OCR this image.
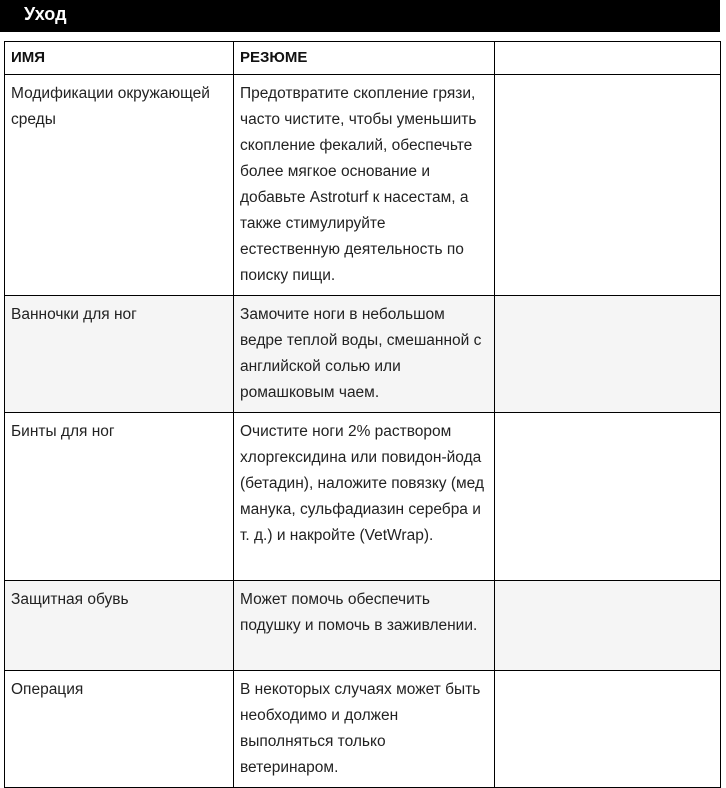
Уход
ИМЯ	РЕЗЮМЕ	
Модификации окружающей среды	Предотвратите скопление грязи, часто чистите, чтобы уменьшить скопление фекалий, обеспечьте более мягкое основание и добавьте Astroturf к насестам, а также стимулируйте естественную деятельность по поиску пищи.	
Ванночки для ног	Замочите ноги в небольшом ведре теплой воды, смешанной с английской солью или ромашковым чаем.	
Бинты для ног	Очистите ноги 2% раствором хлоргексидина или повидон-йода (бетадин), наложите повязку (мед манука, сульфадиазин серебра и т. д.) и накройте (VetWrap).	
Защитная обувь	Может помочь обеспечить подушку и помочь в заживлении.	
Операция	В некоторых случаях может быть необходимо и должен выполняться только ветеринаром.	
